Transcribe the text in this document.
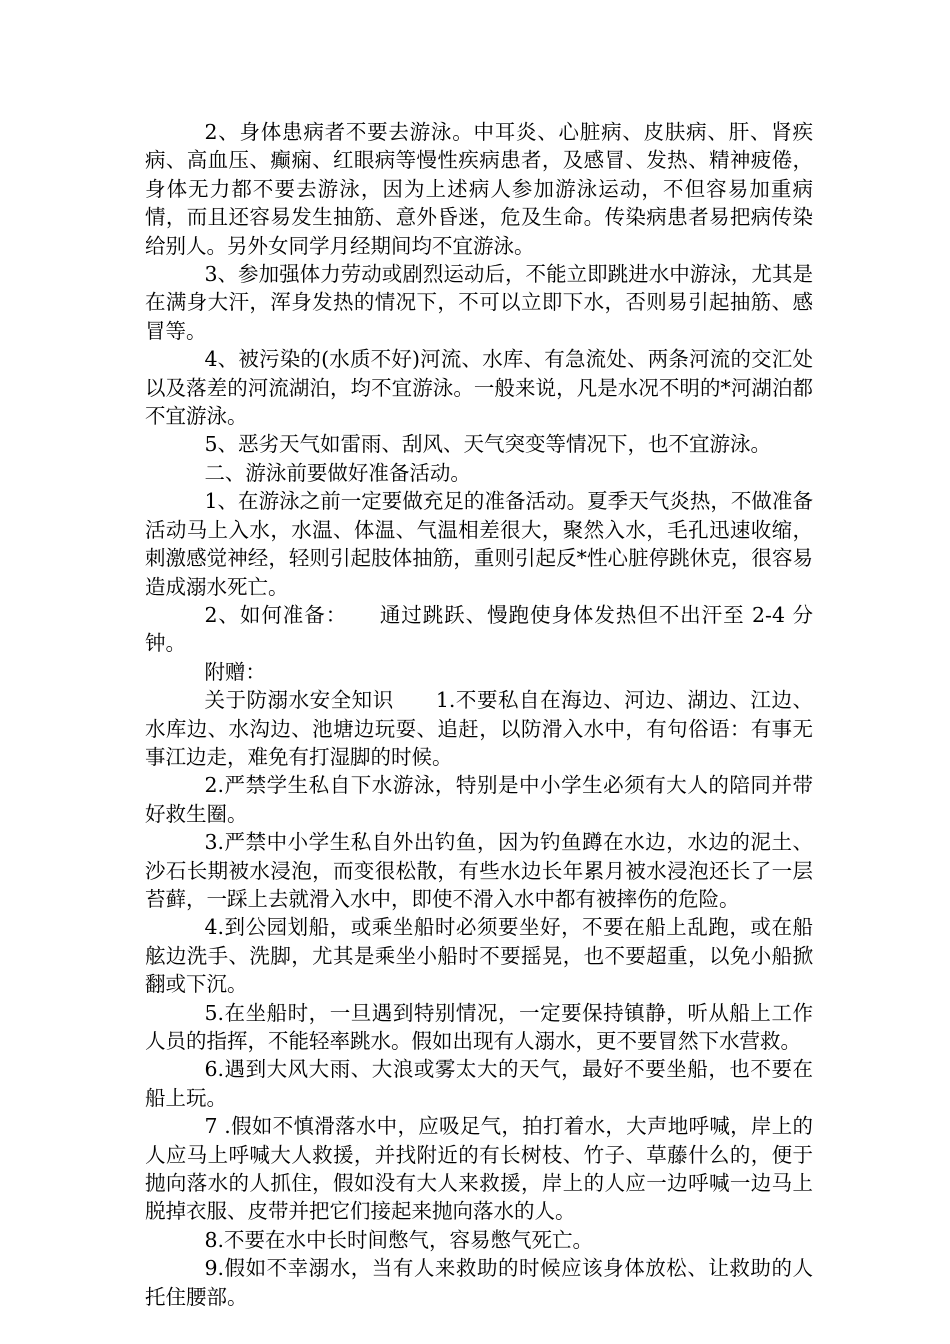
2、身体患病者不要去游泳。中耳炎、心脏病、皮肤病、肝、肾疾病、高血压、癫痫、红眼病等慢性疾病患者，及感冒、发热、精神疲倦，身体无力都不要去游泳，因为上述病人参加游泳运动，不但容易加重病情，而且还容易发生抽筋、意外昏迷，危及生命。传染病患者易把病传染给别人。另外女同学月经期间均不宜游泳。

3、参加强体力劳动或剧烈运动后，不能立即跳进水中游泳，尤其是在满身大汗，浑身发热的情况下，不可以立即下水，否则易引起抽筋、感冒等。

4、被污染的(水质不好)河流、水库、有急流处、两条河流的交汇处以及落差的河流湖泊，均不宜游泳。一般来说，凡是水况不明的*河湖泊都不宜游泳。

5、恶劣天气如雷雨、刮风、天气突变等情况下，也不宜游泳。

二、游泳前要做好准备活动。

1、在游泳之前一定要做充足的准备活动。夏季天气炎热，不做准备活动马上入水，水温、体温、气温相差很大，聚然入水，毛孔迅速收缩，刺激感觉神经，轻则引起肢体抽筋，重则引起反*性心脏停跳休克，很容易造成溺水死亡。

2、如何准备：　　通过跳跃、慢跑使身体发热但不出汗至 2-4 分钟。

附赠：

关于防溺水安全知识　　1.不要私自在海边、河边、湖边、江边、水库边、水沟边、池塘边玩耍、追赶，以防滑入水中，有句俗语：有事无事江边走，难免有打湿脚的时候。

2.严禁学生私自下水游泳，特别是中小学生必须有大人的陪同并带好救生圈。

3.严禁中小学生私自外出钓鱼，因为钓鱼蹲在水边，水边的泥土、沙石长期被水浸泡，而变很松散，有些水边长年累月被水浸泡还长了一层苔藓，一踩上去就滑入水中，即使不滑入水中都有被摔伤的危险。

4.到公园划船，或乘坐船时必须要坐好，不要在船上乱跑，或在船舷边洗手、洗脚，尤其是乘坐小船时不要摇晃，也不要超重，以免小船掀翻或下沉。

5.在坐船时，一旦遇到特别情况，一定要保持镇静，听从船上工作人员的指挥，不能轻率跳水。假如出现有人溺水，更不要冒然下水营救。

6.遇到大风大雨、大浪或雾太大的天气，最好不要坐船，也不要在船上玩。

7 .假如不慎滑落水中，应吸足气，拍打着水，大声地呼喊，岸上的人应马上呼喊大人救援，并找附近的有长树枝、竹子、草藤什么的，便于抛向落水的人抓住，假如没有大人来救援，岸上的人应一边呼喊一边马上脱掉衣服、皮带并把它们接起来抛向落水的人。

8.不要在水中长时间憋气，容易憋气死亡。

9.假如不幸溺水，当有人来救助的时候应该身体放松、让救助的人托住腰部。
